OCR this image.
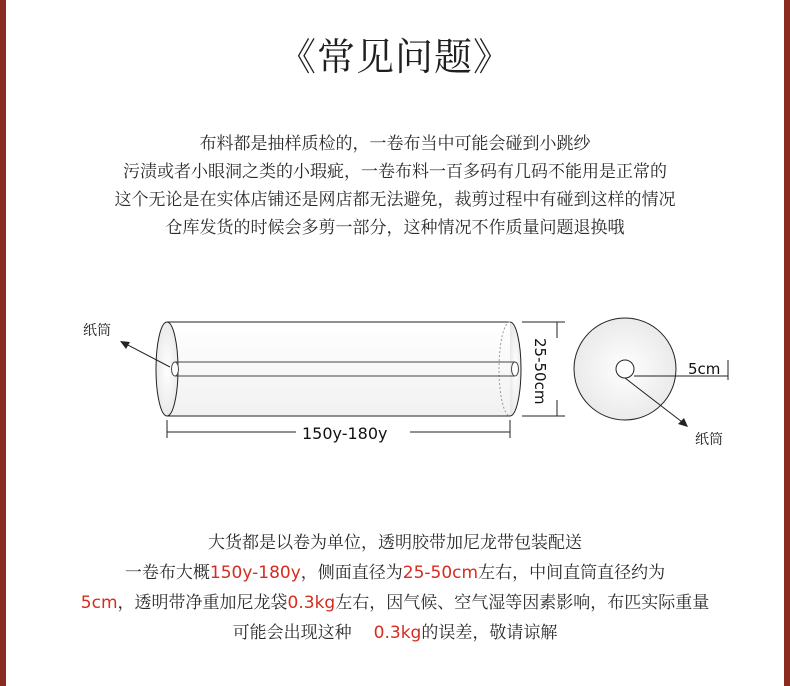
《常见问题》
布料都是抽样质检的，一卷布当中可能会碰到小跳纱
污渍或者小眼洞之类的小瑕疵，一卷布料一百多码有几码不能用是正常的
这个无论是在实体店铺还是网店都无法避免，裁剪过程中有碰到这样的情况
仓库发货的时候会多剪一部分，这种情况不作质量问题退换哦
纸筒
150y-180y
25-50cm	5cm
纸筒
大货都是以卷为单位，透明胶带加尼龙带包装配送
一卷布大概150y-180y，侧面直径为25-50cm左右，中间直筒直径约为
5cm，透明带净重加尼龙袋0.3kg左右，因气候、空气湿等因素影响，布匹实际重量
可能会出现这种 0.3kg的误差，敬请谅解
